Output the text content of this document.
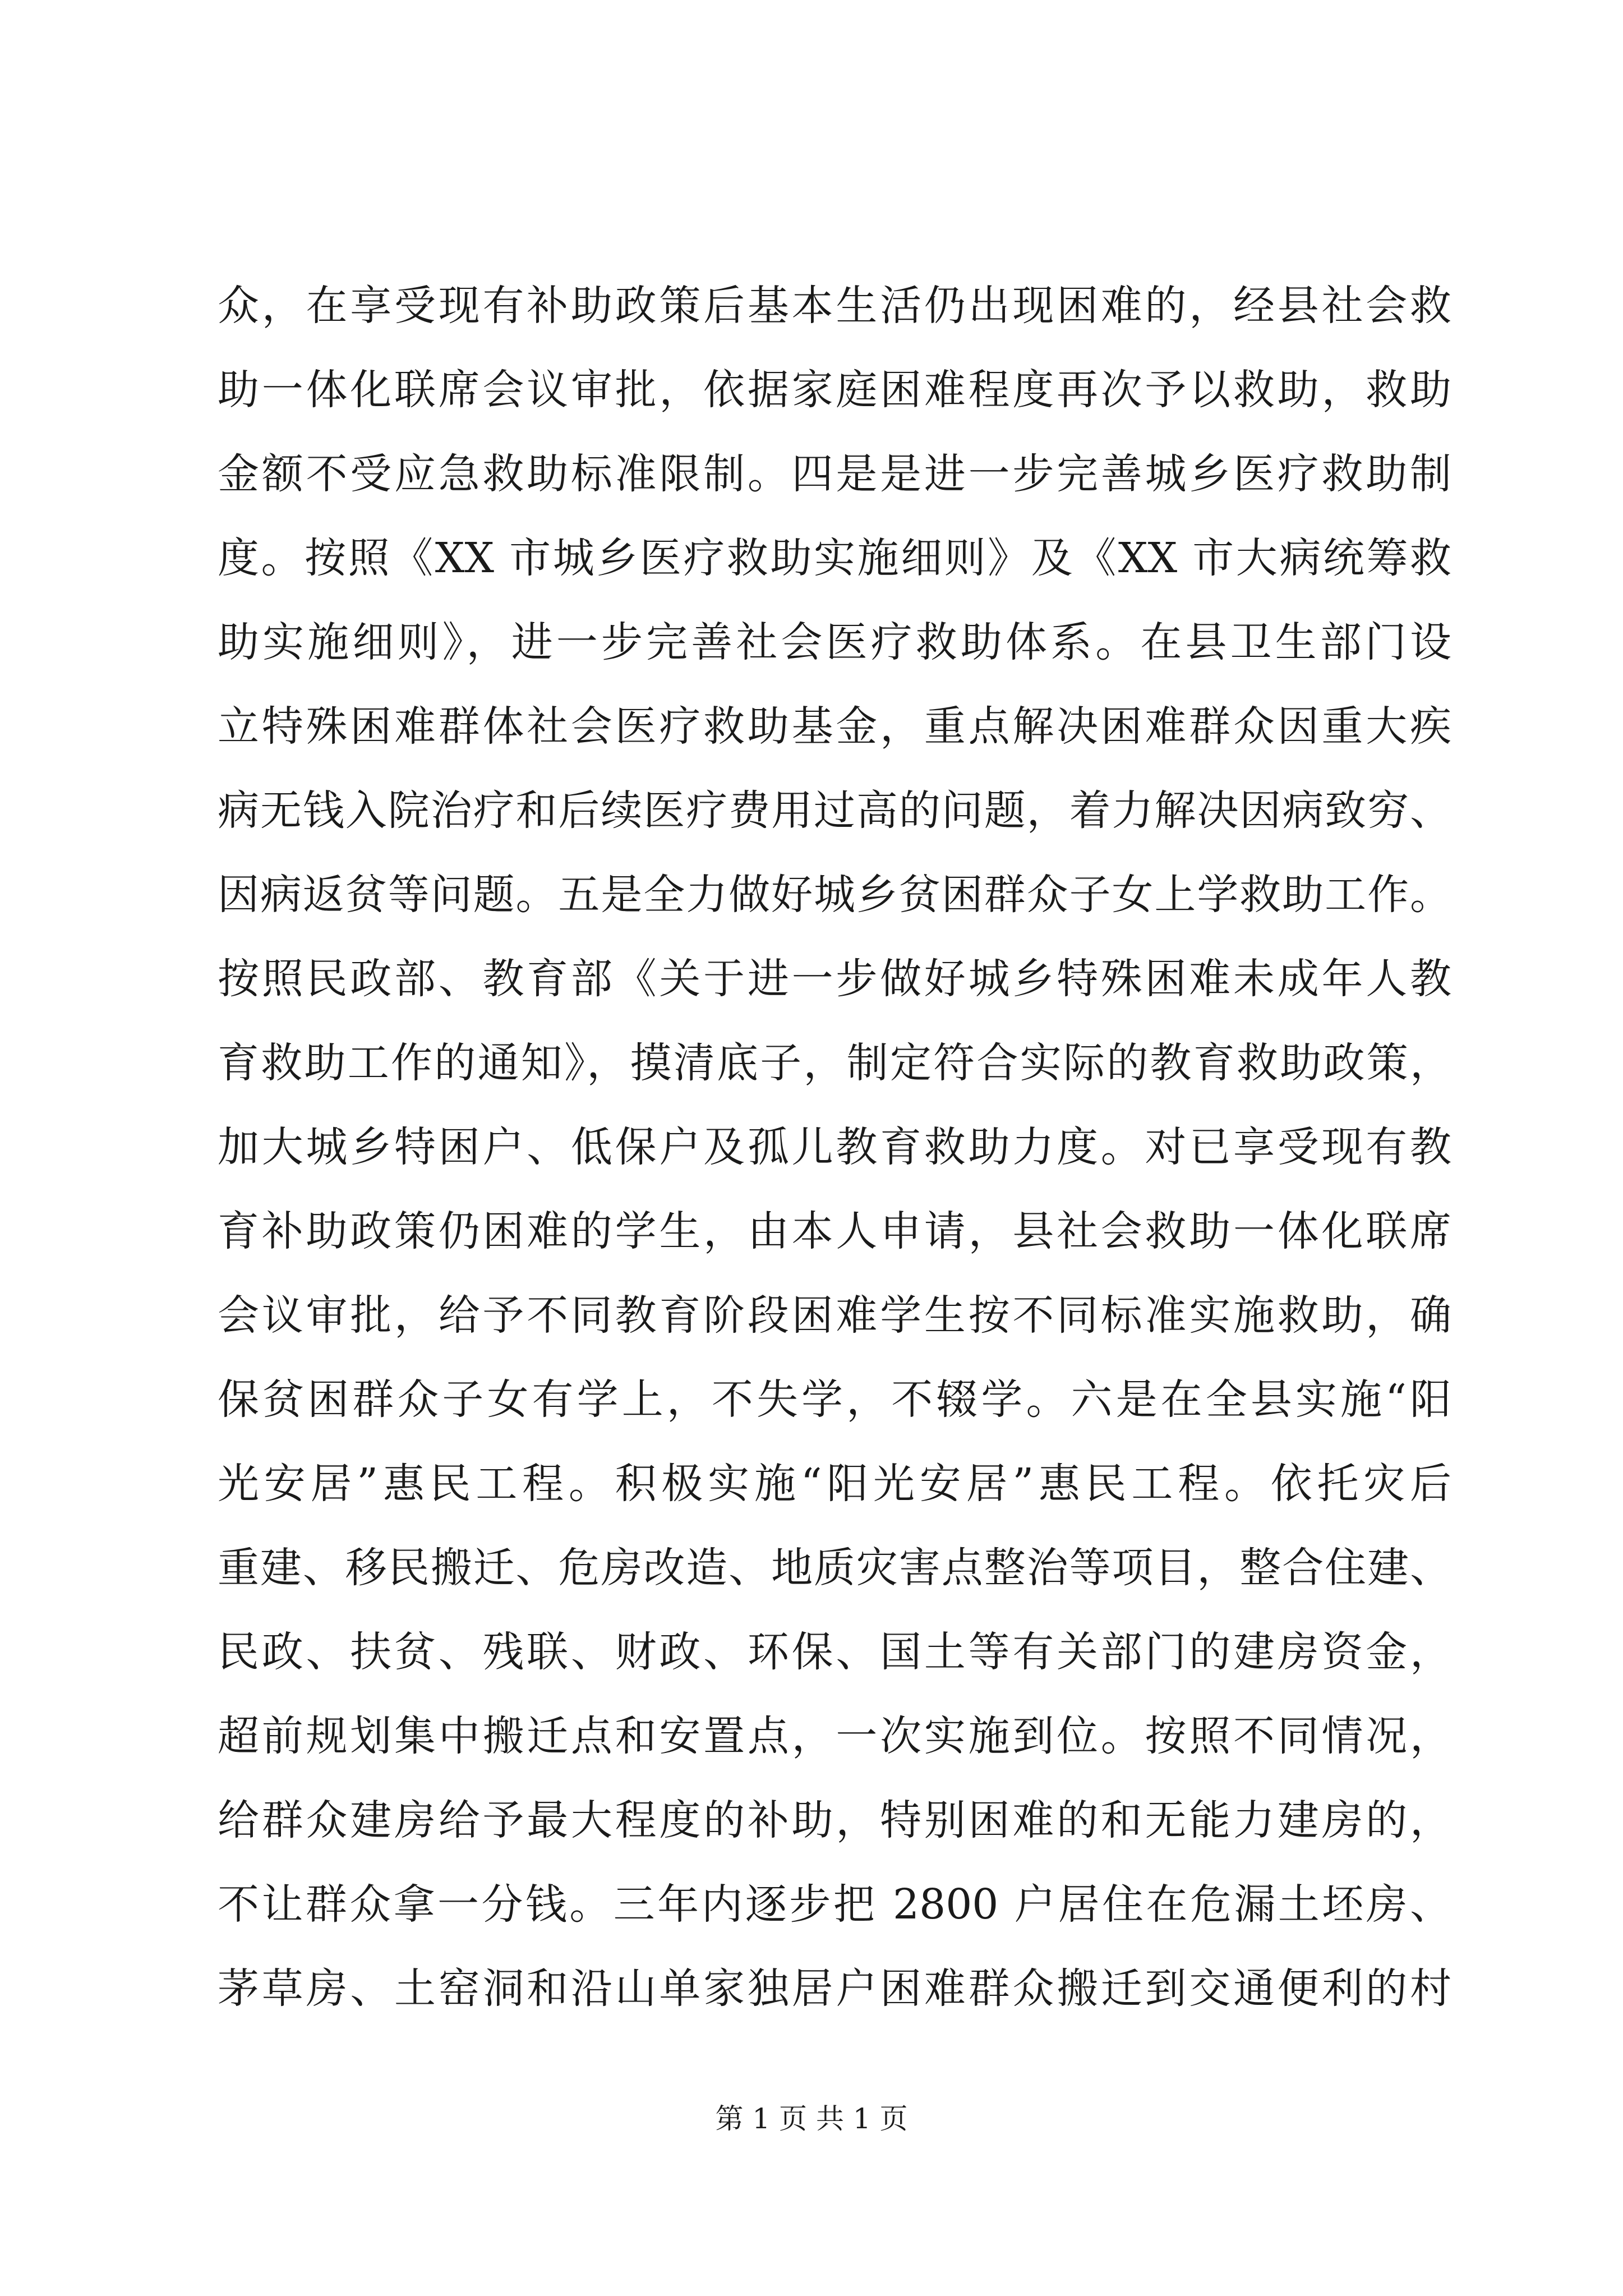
众，在享受现有补助政策后基本生活仍出现困难的，经县社会救
助一体化联席会议审批，依据家庭困难程度再次予以救助，救助
金额不受应急救助标准限制。四是是进一步完善城乡医疗救助制
度。按照《XX 市城乡医疗救助实施细则》及《XX 市大病统筹救
助实施细则》，进一步完善社会医疗救助体系。在县卫生部门设
立特殊困难群体社会医疗救助基金，重点解决困难群众因重大疾
病无钱入院治疗和后续医疗费用过高的问题，着力解决因病致穷、
因病返贫等问题。五是全力做好城乡贫困群众子女上学救助工作。
按照民政部、教育部《关于进一步做好城乡特殊困难未成年人教
育救助工作的通知》，摸清底子，制定符合实际的教育救助政策，
加大城乡特困户、低保户及孤儿教育救助力度。对已享受现有教
育补助政策仍困难的学生，由本人申请，县社会救助一体化联席
会议审批，给予不同教育阶段困难学生按不同标准实施救助，确
保贫困群众子女有学上，不失学，不辍学。六是在全县实施“阳
光安居”惠民工程。积极实施“阳光安居”惠民工程。依托灾后
重建、移民搬迁、危房改造、地质灾害点整治等项目，整合住建、
民政、扶贫、残联、财政、环保、国土等有关部门的建房资金，
超前规划集中搬迁点和安置点，一次实施到位。按照不同情况，
给群众建房给予最大程度的补助，特别困难的和无能力建房的，
不让群众拿一分钱。三年内逐步把 2800 户居住在危漏土坯房、
茅草房、土窑洞和沿山单家独居户困难群众搬迁到交通便利的村
第 1 页 共 1 页
